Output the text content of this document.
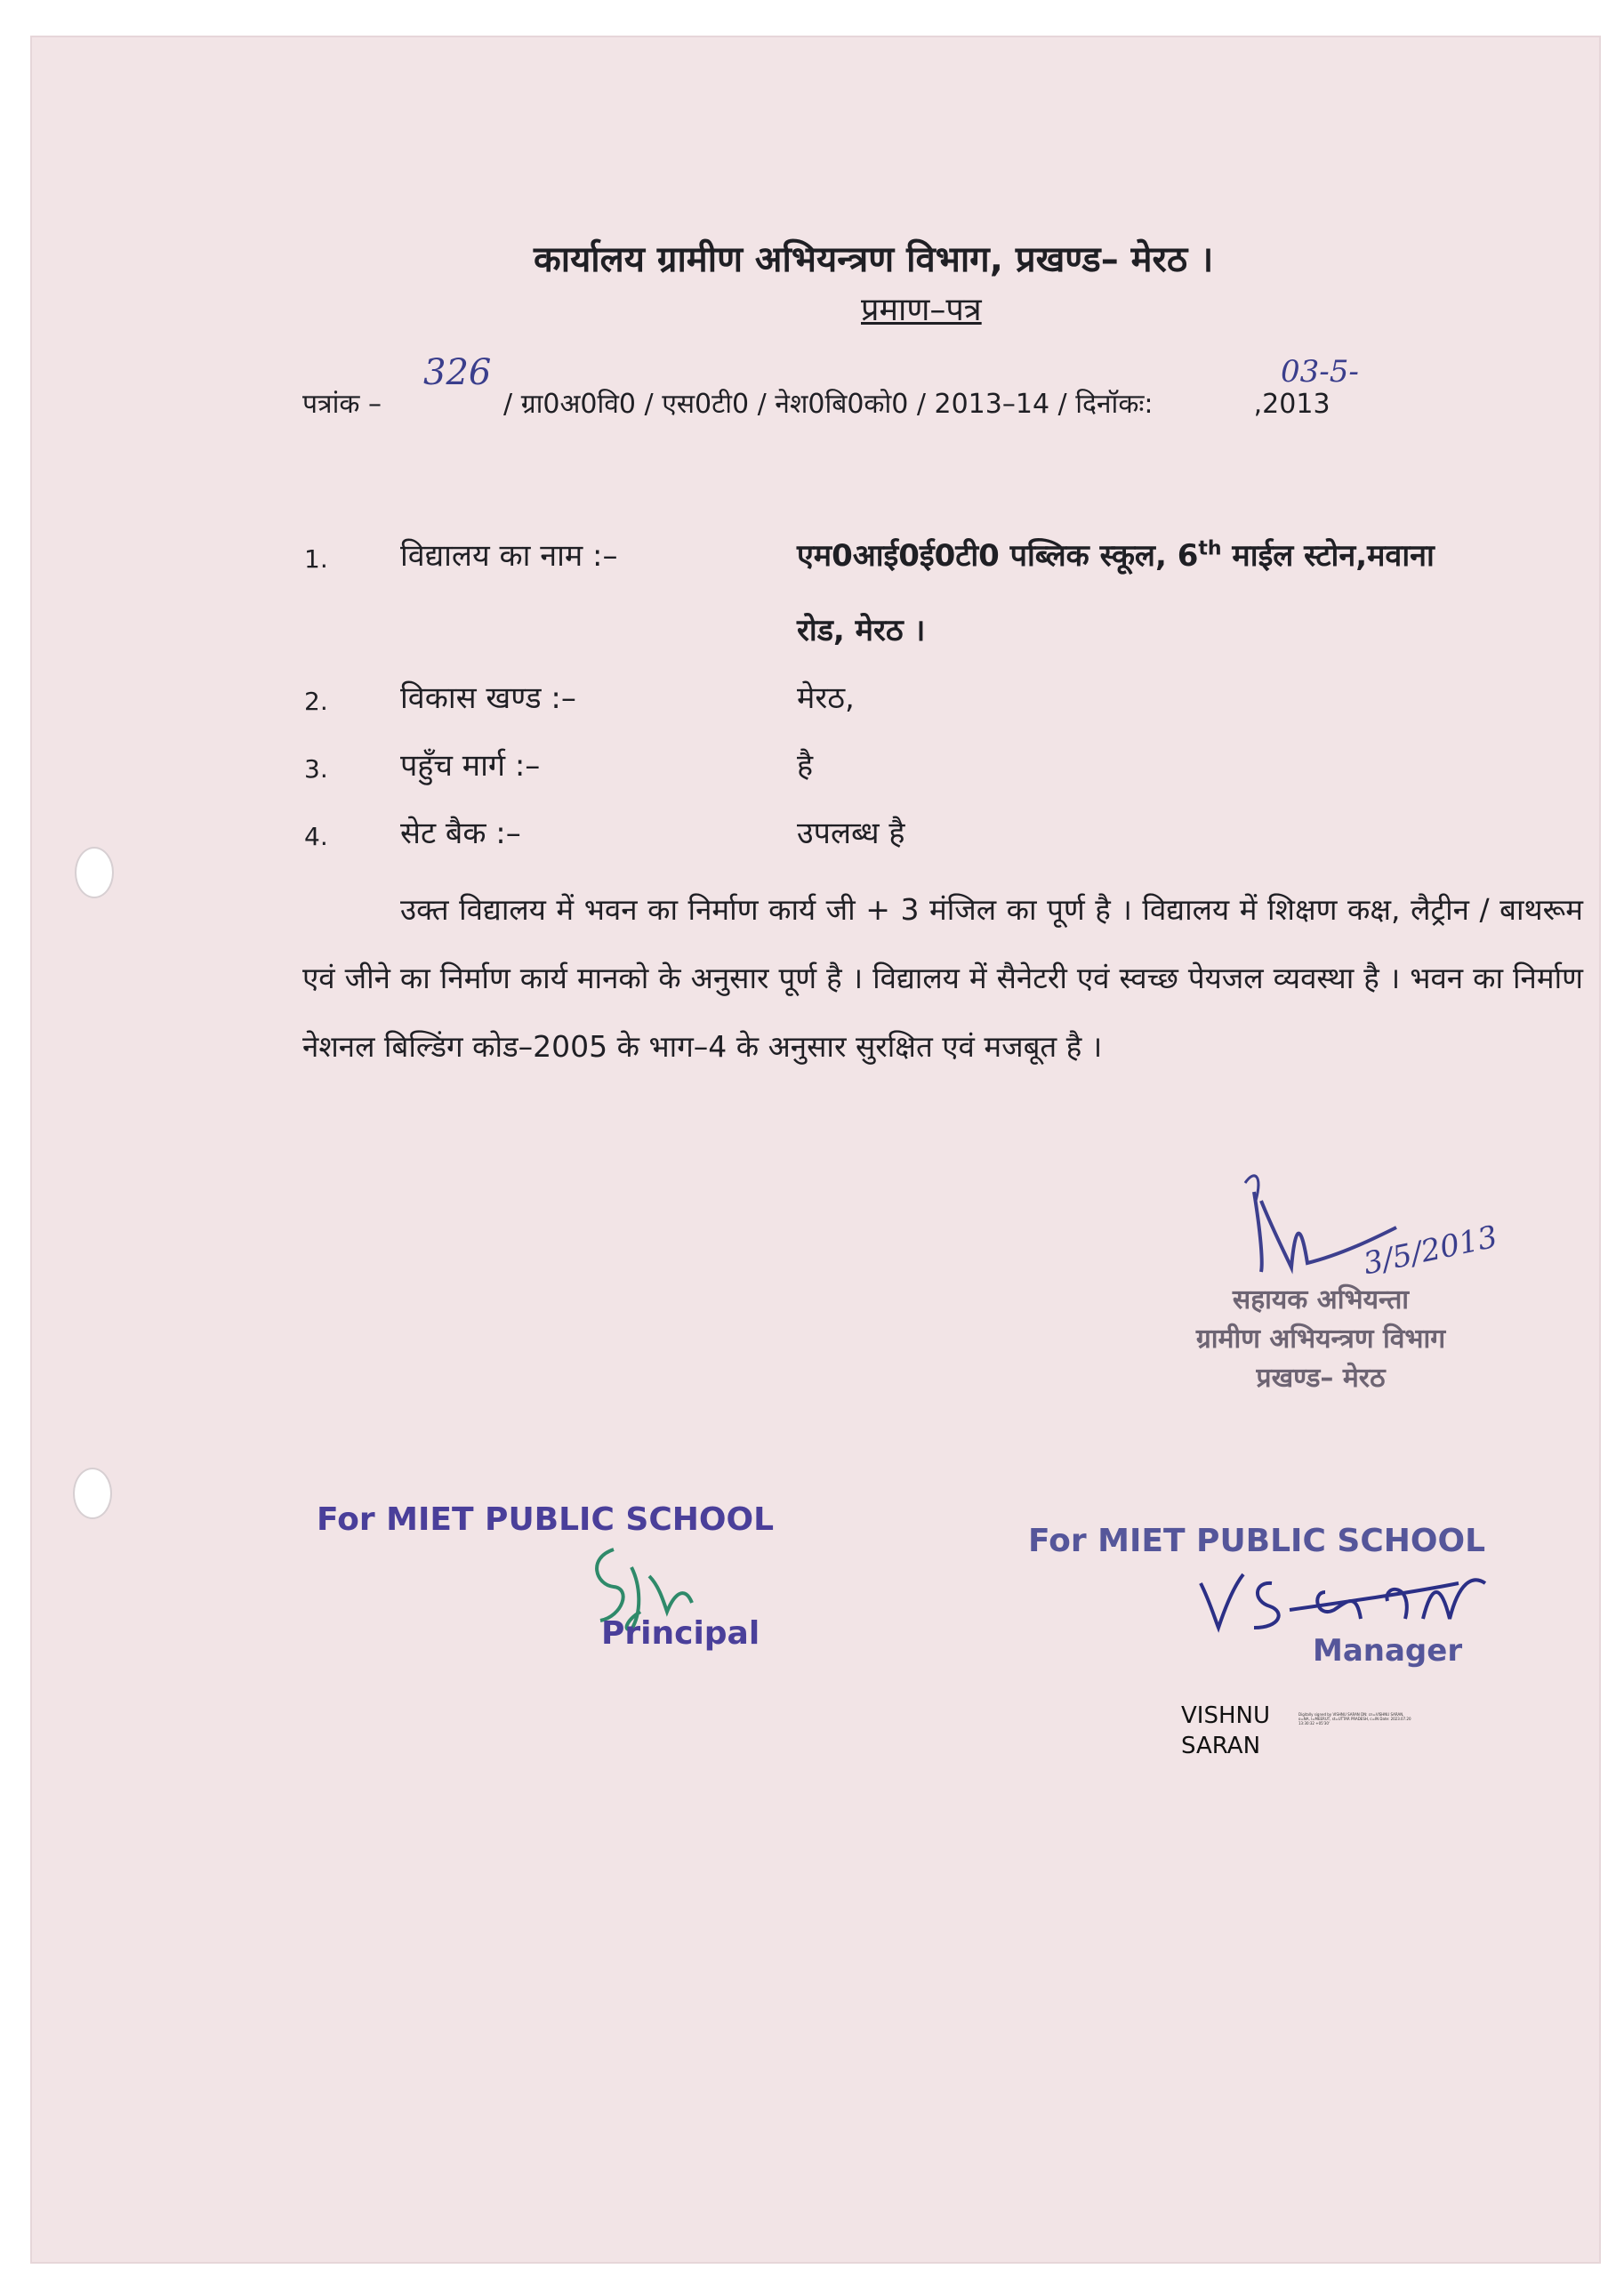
कार्यालय ग्रामीण अभियन्त्रण विभाग, प्रखण्ड– मेरठ ।
प्रमाण–पत्र
पत्रांक –	/ ग्रा0अ0वि0 / एस0टी0 / नेश0बि0को0 / 2013–14 / दिनॉकः:	,2013
326	03-5-
1. विद्यालय का नाम :–	एम0आई0ई0टी0 पब्लिक स्कूल, 6th माईल स्टोन,मवाना
रोड, मेरठ ।
2. विकास खण्ड :–	मेरठ,
3. पहुँच मार्ग :–	है
4. सेट बैक :–	उपलब्ध है
उक्त विद्यालय में भवन का निर्माण कार्य जी + 3 मंजिल का पूर्ण है । विद्यालय में शिक्षण कक्ष, लैट्रीन / बाथरूम एवं जीने का निर्माण कार्य मानको के अनुसार पूर्ण है । विद्यालय में सैनेटरी एवं स्वच्छ पेयजल व्यवस्था है । भवन का निर्माण नेशनल बिल्डिंग कोड–2005 के भाग–4 के अनुसार सुरक्षित एवं मजबूत है ।
3/5/2013
सहायक अभियन्ता
ग्रामीण अभियन्त्रण विभाग
प्रखण्ड– मेरठ
For MIET PUBLIC SCHOOL
Principal
For MIET PUBLIC SCHOOL
Manager
VISHNU
SARAN
Digitally signed by VISHNU SARAN DN: cn=VISHNU SARAN, o=NA, l=MEERUT, st=UTTAR PRADESH, c=IN Date: 2023.07.20 13:30:32 +05'30'
